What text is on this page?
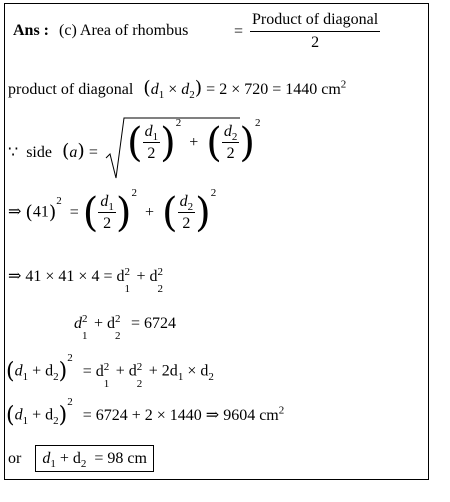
Ans : (c) Area of rhombus	= $\frac{\text{Product of diagonal}}{2}$
product of diagonal $(d_1 \times d_2) = 2 \times 720 = 1440$ $cm^2$
∵ side (a) = ( $\frac{d_1}{2} )^2$ + ( $\frac{d_2}{2} )^2$
⇒ $(41)^2$ = ( $\frac{d_1}{2} )^2$ + ( $\frac{d_2}{2} )^2$
⇒ 41 × 41 × 4 = d 2
1
+ d 2
2
d 2
1
+ d 2
2
= 6724
$(d_1 + d_2)^2 = d$ 2
1
+ d 2
2
+ $2d_1 \times d_2$
$(d_1 + d_2)^2 = 6724 + 2 \times 1440$ ⇒ 9604 $cm^2$
or $d_1 + d_2 = 98$ cm
